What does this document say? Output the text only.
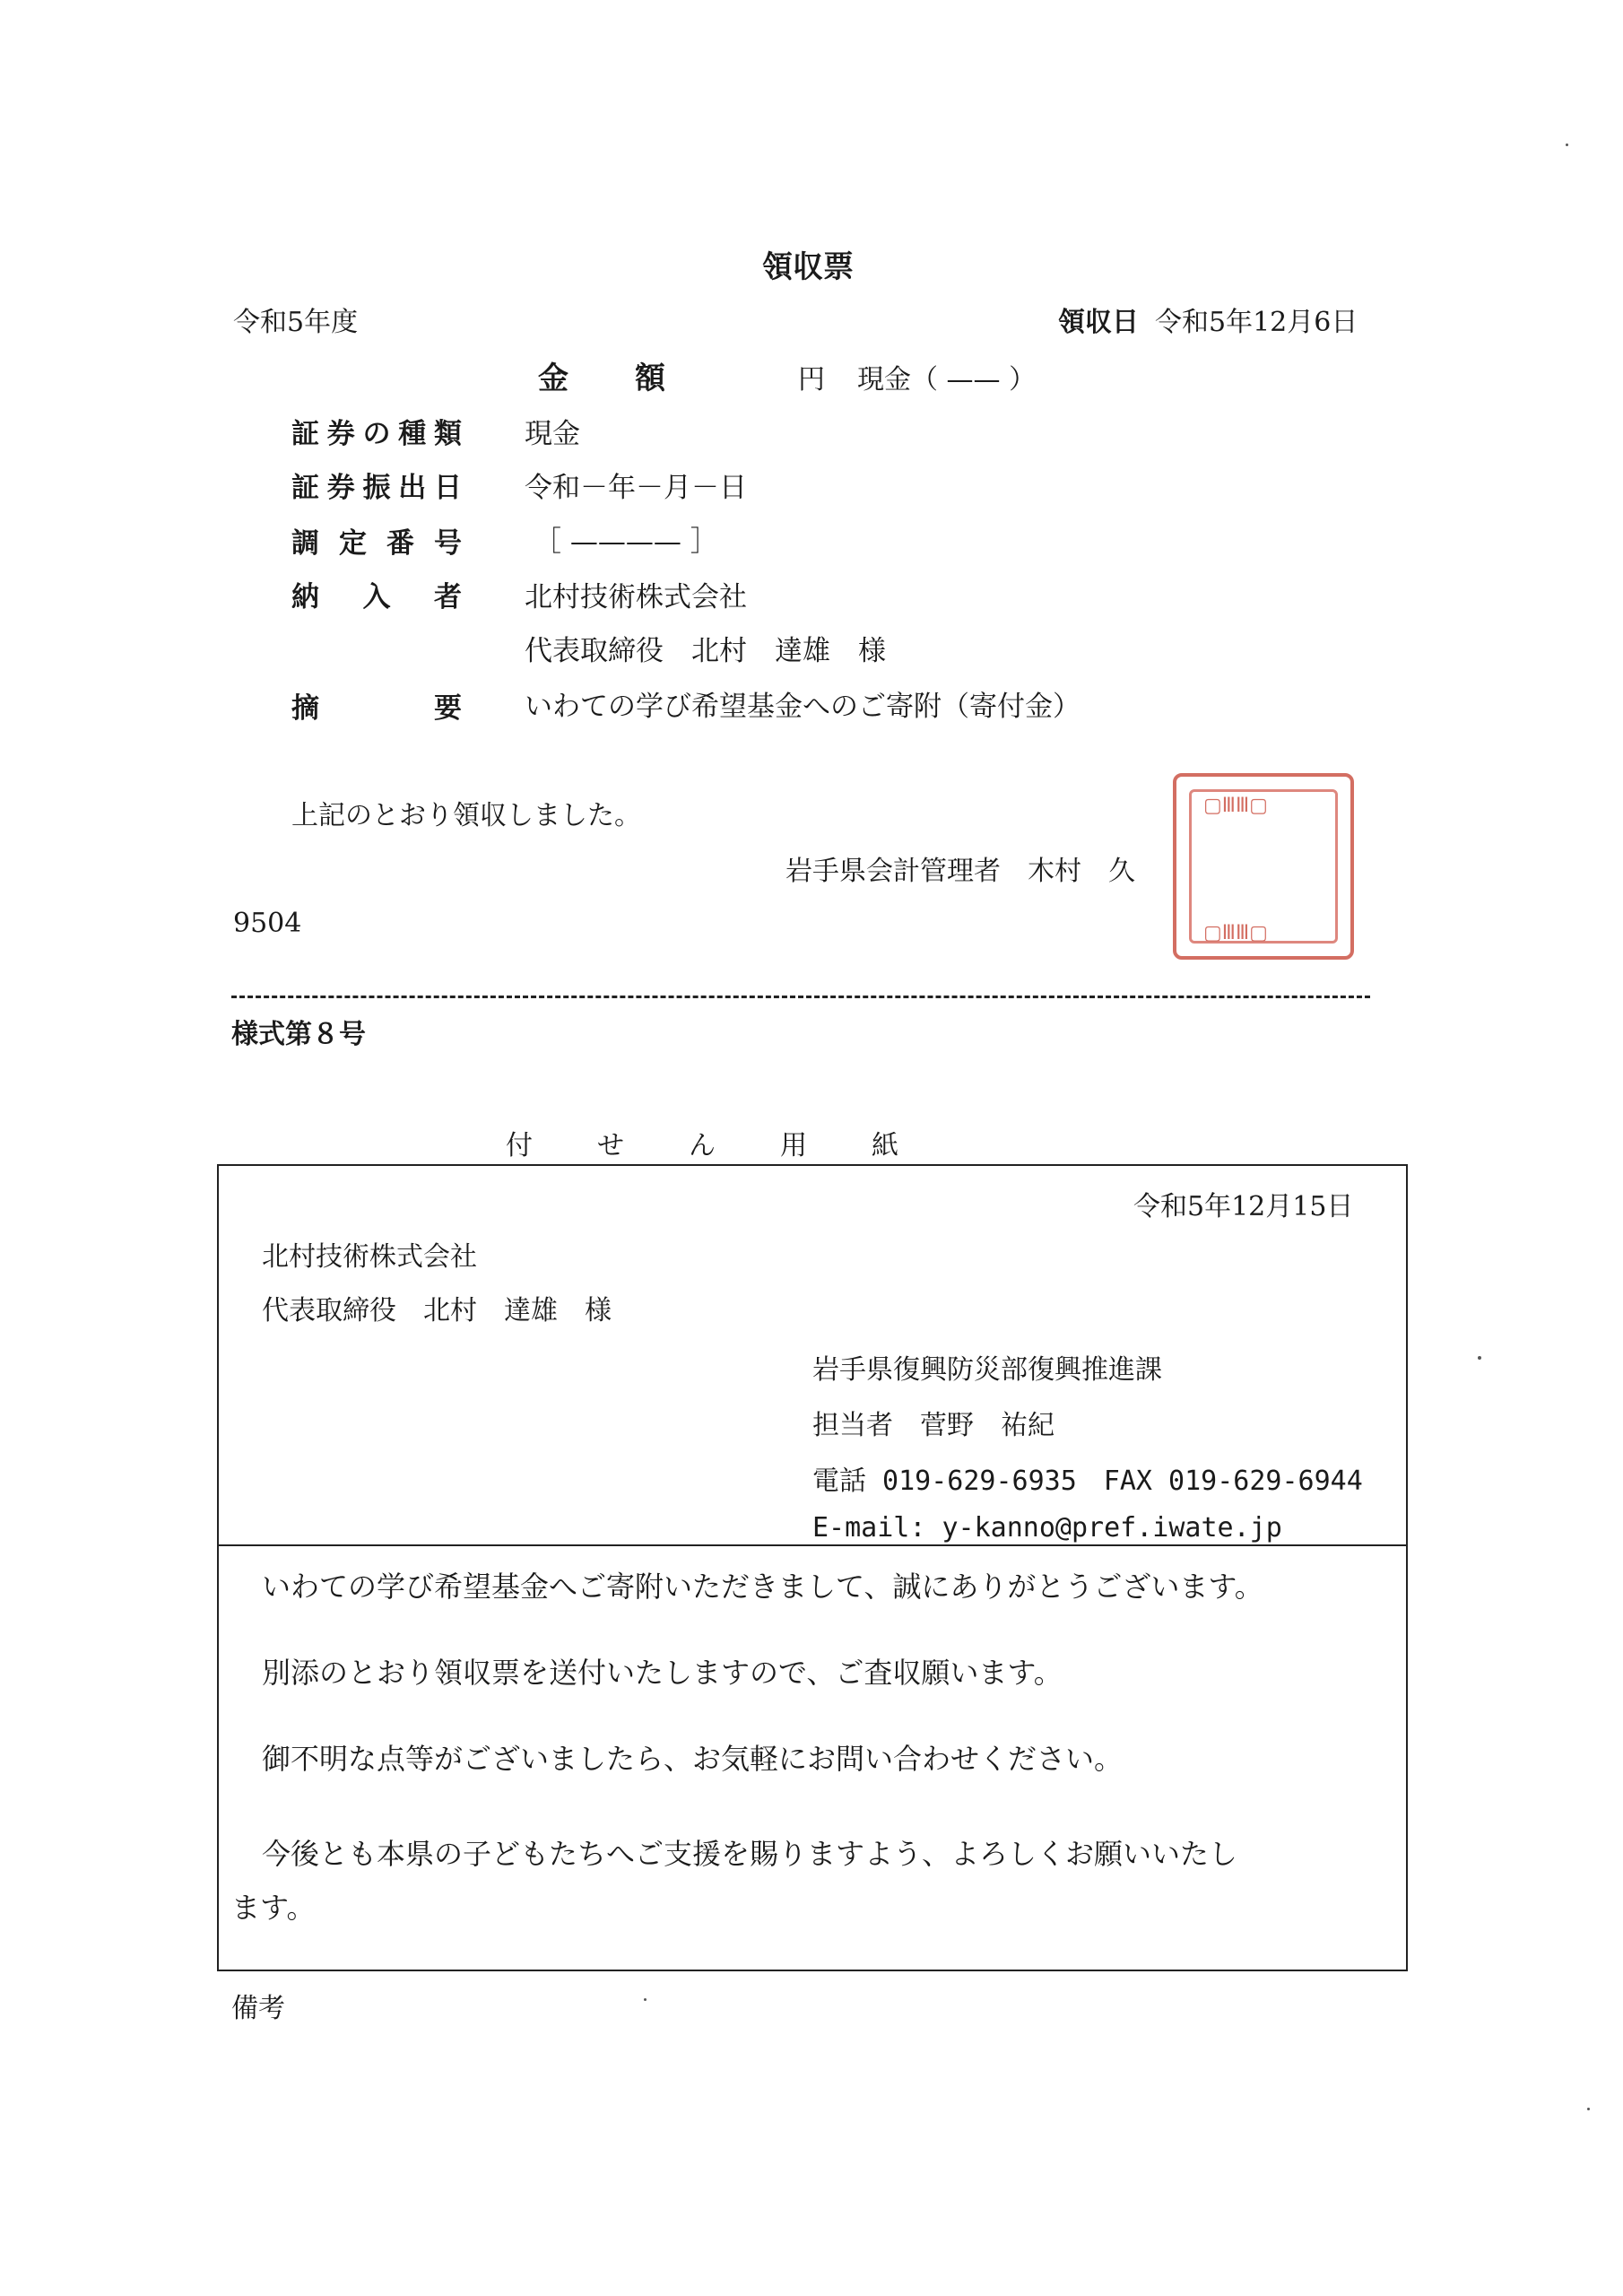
領収票
令和5年度	領収日 令和5年12月6日
金　額	円 現金（ —— ）
証券の種類 現金
証券振出日 令和－年－月－日
調定番号	［ ———— ］
納入者 北村技術株式会社
代表取締役　北村　達雄　様
摘要 いわての学び希望基金へのご寄附（寄付金）
上記のとおり領収しました。
岩手県会計管理者　木村　久
9504
▢ⅢⅢ▢
▢ⅢⅢ▢
様式第８号
付　　せ　　ん　　用　　紙
令和5年12月15日
北村技術株式会社
代表取締役　北村　達雄　様
岩手県復興防災部復興推進課
担当者　菅野　祐紀
電話 019-629-6935　FAX 019-629-6944
E-mail: y-kanno@pref.iwate.jp
いわての学び希望基金へご寄附いただきまして、誠にありがとうございます。
別添のとおり領収票を送付いたしますので、ご査収願います。
御不明な点等がございましたら、お気軽にお問い合わせください。
今後とも本県の子どもたちへご支援を賜りますよう、よろしくお願いいたし
ます。
備考
